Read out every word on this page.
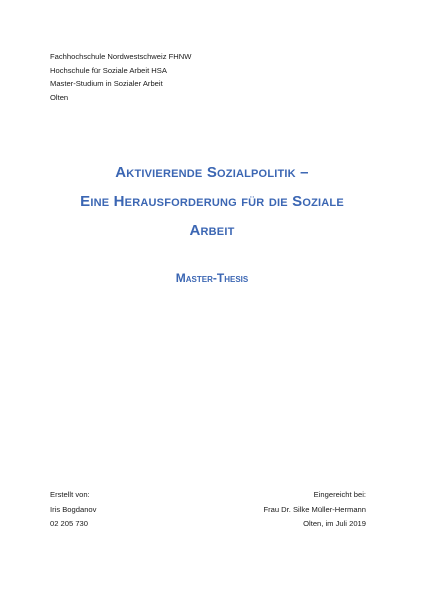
Fachhochschule Nordwestschweiz FHNW
Hochschule für Soziale Arbeit HSA
Master-Studium in Sozialer Arbeit
Olten
Aktivierende Sozialpolitik –
Eine Herausforderung für die Soziale
Arbeit
Master-Thesis
Erstellt von:
Iris Bogdanov
02 205 730
Eingereicht bei:
Frau Dr. Silke Müller-Hermann
Olten, im Juli 2019
